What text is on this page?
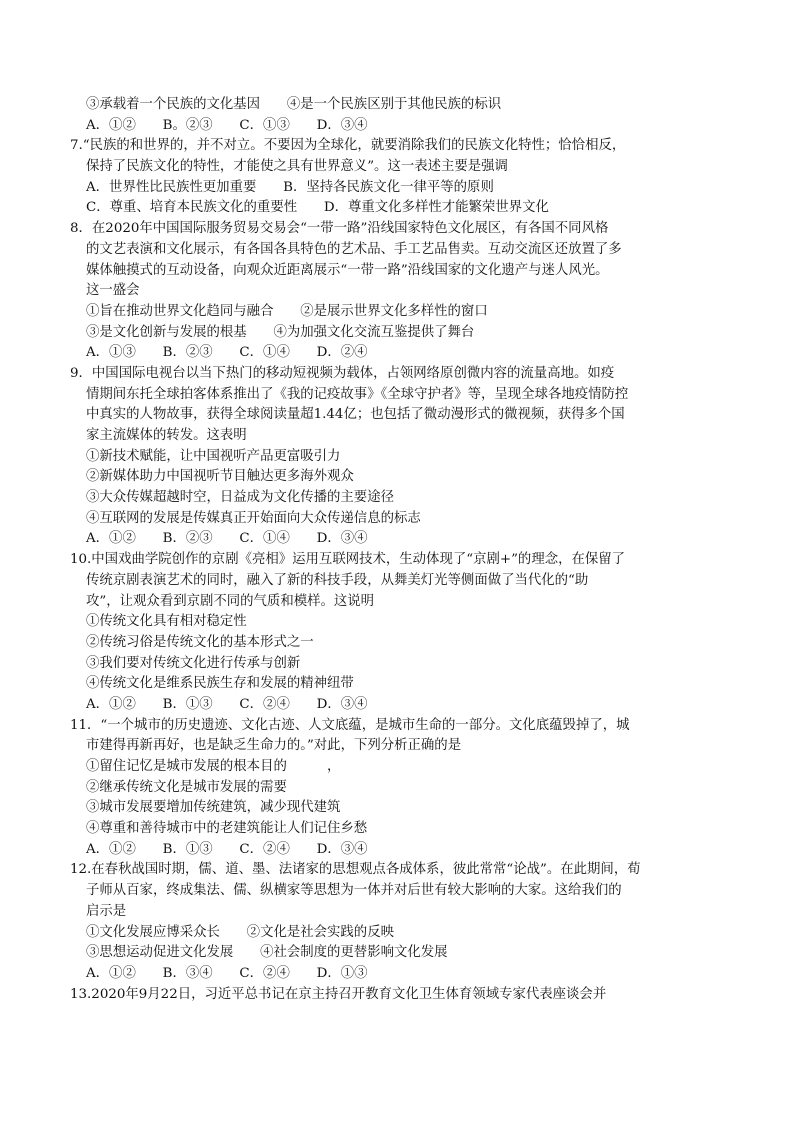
③承载着一个民族的文化基因　　④是一个民族区别于其他民族的标识
A．①②　　B。②③　　C．①③　　D．③④
7.“民族的和世界的，并不对立。不要因为全球化，就要消除我们的民族文化特性；恰恰相反，
保持了民族文化的特性，才能使之具有世界意义”。这一表述主要是强调
A．世界性比民族性更加重要　　B．坚持各民族文化一律平等的原则
C．尊重、培育本民族文化的重要性　　D．尊重文化多样性才能繁荣世界文化
8．在2020年中国国际服务贸易交易会“一带一路”沿线国家特色文化展区，有各国不同风格
的文艺表演和文化展示，有各国各具特色的艺术品、手工艺品售卖。互动交流区还放置了多
媒体触摸式的互动设备，向观众近距离展示“一带一路”沿线国家的文化遗产与迷人风光。
这一盛会
①旨在推动世界文化趋同与融合　　②是展示世界文化多样性的窗口
③是文化创新与发展的根基　　④为加强文化交流互鉴提供了舞台
A．①③　　B．②③　　C．①④　　D．②④
9．中国国际电视台以当下热门的移动短视频为载体，占领网络原创微内容的流量高地。如疫
情期间东托全球拍客体系推出了《我的记疫故事》《全球守护者》等，呈现全球各地疫情防控
中真实的人物故事，获得全球阅读量超1.44亿；也包括了微动漫形式的微视频，获得多个国
家主流媒体的转发。这表明
①新技术赋能，让中国视听产品更富吸引力
②新媒体助力中国视听节目触达更多海外观众
③大众传媒超越时空，日益成为文化传播的主要途径
④互联网的发展是传媒真正开始面向大众传递信息的标志
A．①②　　B．②③　　C．①④　　D．③④
10.中国戏曲学院创作的京剧《亮相》运用互联网技术，生动体现了“京剧+”的理念，在保留了
传统京剧表演艺术的同时，融入了新的科技手段，从舞美灯光等侧面做了当代化的“助
攻”，让观众看到京剧不同的气质和模样。这说明
①传统文化具有相对稳定性
②传统习俗是传统文化的基本形式之一
③我们要对传统文化进行传承与创新
④传统文化是维系民族生存和发展的精神纽带
A．①②　　B．①③　　C．②④　　D．③④
11．“一个城市的历史遗迹、文化古迹、人文底蕴，是城市生命的一部分。文化底蕴毁掉了，城
市建得再新再好，也是缺乏生命力的。”对此，下列分析正确的是
①留住记忆是城市发展的根本目的　　　，
②继承传统文化是城市发展的需要
③城市发展要增加传统建筑，减少现代建筑
④尊重和善待城市中的老建筑能让人们记住乡愁
A．①②　　B．①③　　C．②④　　D．③④
12.在春秋战国时期，儒、道、墨、法诸家的思想观点各成体系，彼此常常“论战”。在此期间，荀
子师从百家，终成集法、儒、纵横家等思想为一体并对后世有较大影响的大家。这给我们的
启示是
①文化发展应博采众长　　②文化是社会实践的反映
③思想运动促进文化发展　　④社会制度的更替影响文化发展
A．①②　　B．③④　　C．②④　　D．①③
13.2020年9月22日，习近平总书记在京主持召开教育文化卫生体育领域专家代表座谈会并
